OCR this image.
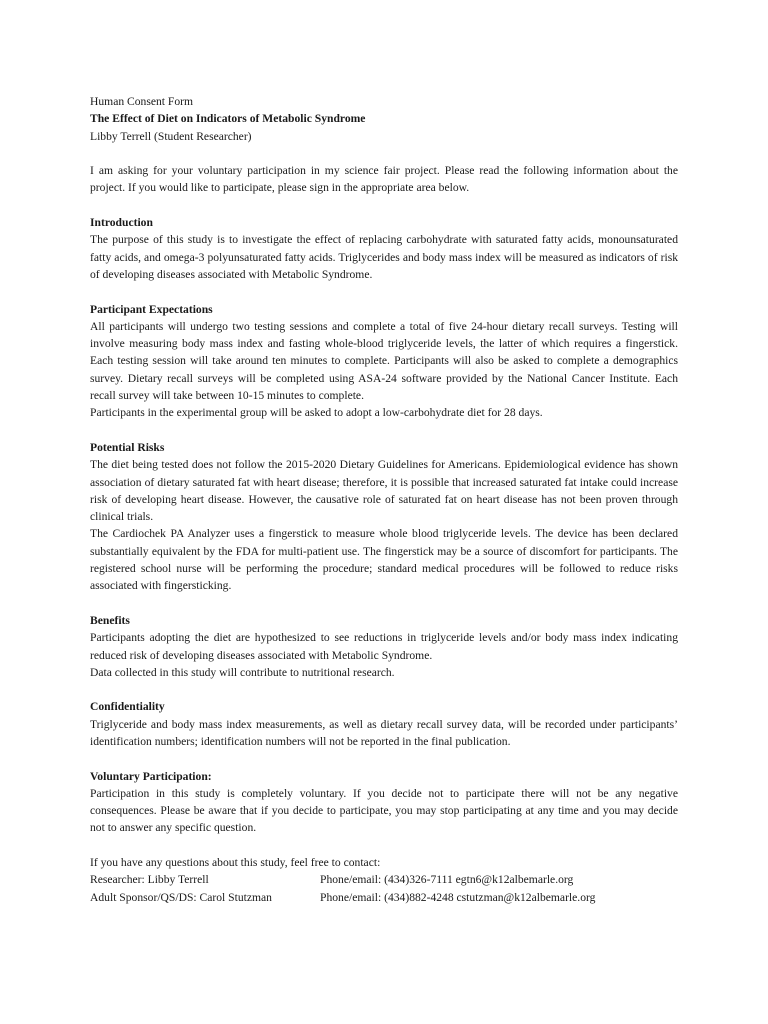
Human Consent Form

The Effect of Diet on Indicators of Metabolic Syndrome

Libby Terrell (Student Researcher)

I am asking for your voluntary participation in my science fair project. Please read the following information about the project. If you would like to participate, please sign in the appropriate area below.

Introduction

The purpose of this study is to investigate the effect of replacing carbohydrate with saturated fatty acids, monounsaturated fatty acids, and omega-3 polyunsaturated fatty acids. Triglycerides and body mass index will be measured as indicators of risk of developing diseases associated with Metabolic Syndrome.

Participant Expectations

All participants will undergo two testing sessions and complete a total of five 24-hour dietary recall surveys. Testing will involve measuring body mass index and fasting whole-blood triglyceride levels, the latter of which requires a fingerstick. Each testing session will take around ten minutes to complete. Participants will also be asked to complete a demographics survey. Dietary recall surveys will be completed using ASA-24 software provided by the National Cancer Institute. Each recall survey will take between 10-15 minutes to complete.

Participants in the experimental group will be asked to adopt a low-carbohydrate diet for 28 days.

Potential Risks

The diet being tested does not follow the 2015-2020 Dietary Guidelines for Americans. Epidemiological evidence has shown association of dietary saturated fat with heart disease; therefore, it is possible that increased saturated fat intake could increase risk of developing heart disease. However, the causative role of saturated fat on heart disease has not been proven through clinical trials.

The Cardiochek PA Analyzer uses a fingerstick to measure whole blood triglyceride levels. The device has been declared substantially equivalent by the FDA for multi-patient use. The fingerstick may be a source of discomfort for participants. The registered school nurse will be performing the procedure; standard medical procedures will be followed to reduce risks associated with fingersticking.

Benefits

Participants adopting the diet are hypothesized to see reductions in triglyceride levels and/or body mass index indicating reduced risk of developing diseases associated with Metabolic Syndrome.

Data collected in this study will contribute to nutritional research.

Confidentiality

Triglyceride and body mass index measurements, as well as dietary recall survey data, will be recorded under participants’ identification numbers; identification numbers will not be reported in the final publication.

Voluntary Participation:

Participation in this study is completely voluntary. If you decide not to participate there will not be any negative consequences. Please be aware that if you decide to participate, you may stop participating at any time and you may decide not to answer any specific question.

If you have any questions about this study, feel free to contact:

Researcher: Libby Terrell	Phone/email: (434)326-7111 egtn6@k12albemarle.org
Adult Sponsor/QS/DS: Carol Stutzman	Phone/email: (434)882-4248 cstutzman@k12albemarle.org
